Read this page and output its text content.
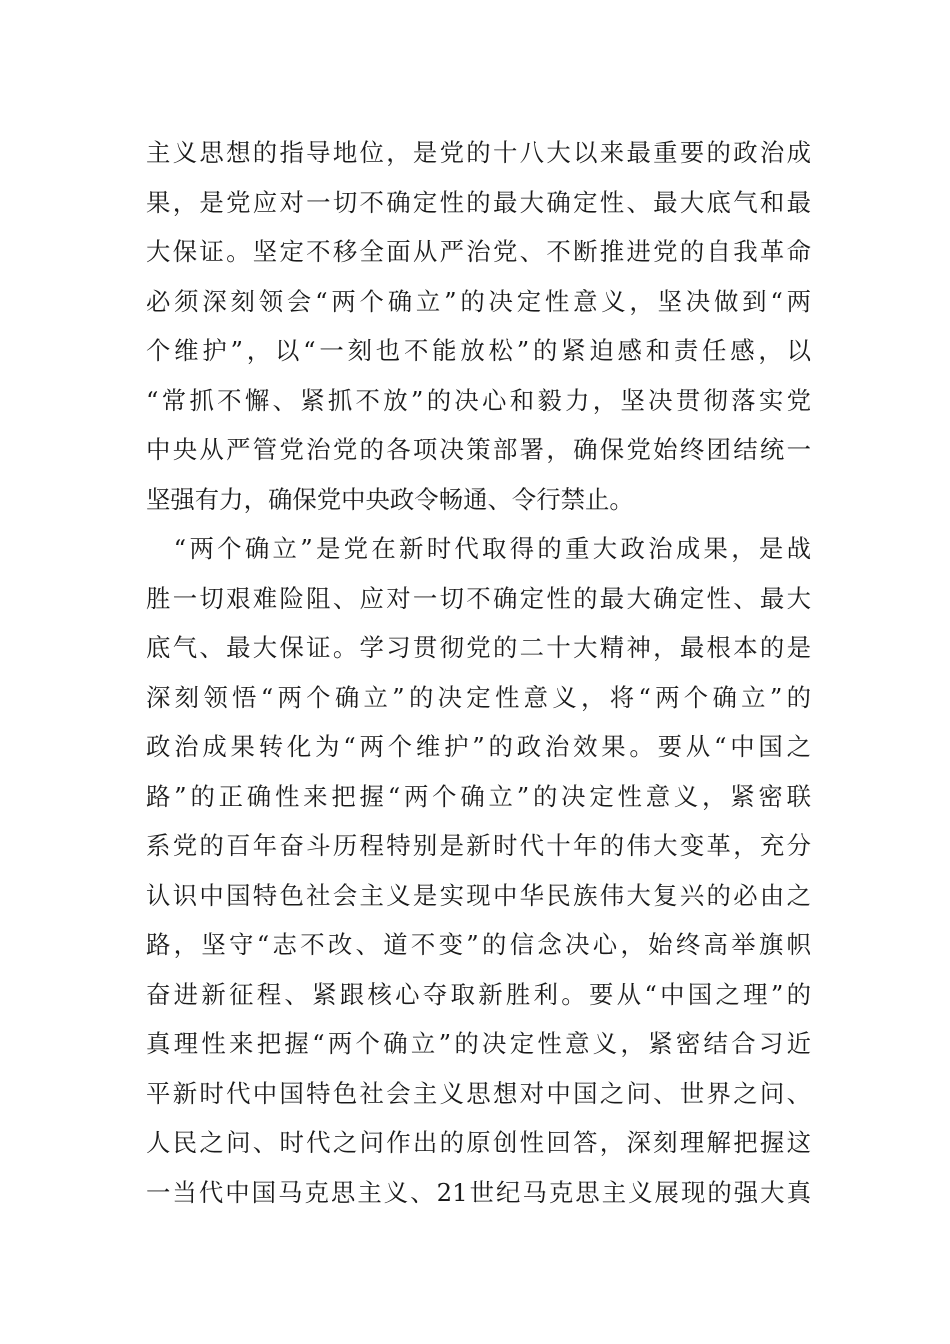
主义思想的指导地位，是党的十八大以来最重要的政治成
果，是党应对一切不确定性的最大确定性、最大底气和最
大保证。坚定不移全面从严治党、不断推进党的自我革命
必须深刻领会“两个确立”的决定性意义，坚决做到“两
个维护”，以“一刻也不能放松”的紧迫感和责任感，以
“常抓不懈、紧抓不放”的决心和毅力，坚决贯彻落实党
中央从严管党治党的各项决策部署，确保党始终团结统一
坚强有力，确保党中央政令畅通、令行禁止。
　“两个确立”是党在新时代取得的重大政治成果，是战
胜一切艰难险阻、应对一切不确定性的最大确定性、最大
底气、最大保证。学习贯彻党的二十大精神，最根本的是
深刻领悟“两个确立”的决定性意义，将“两个确立”的
政治成果转化为“两个维护”的政治效果。要从“中国之
路”的正确性来把握“两个确立”的决定性意义，紧密联
系党的百年奋斗历程特别是新时代十年的伟大变革，充分
认识中国特色社会主义是实现中华民族伟大复兴的必由之
路，坚守“志不改、道不变”的信念决心，始终高举旗帜
奋进新征程、紧跟核心夺取新胜利。要从“中国之理”的
真理性来把握“两个确立”的决定性意义，紧密结合习近
平新时代中国特色社会主义思想对中国之问、世界之问、
人民之问、时代之问作出的原创性回答，深刻理解把握这
一当代中国马克思主义、21世纪马克思主义展现的强大真
